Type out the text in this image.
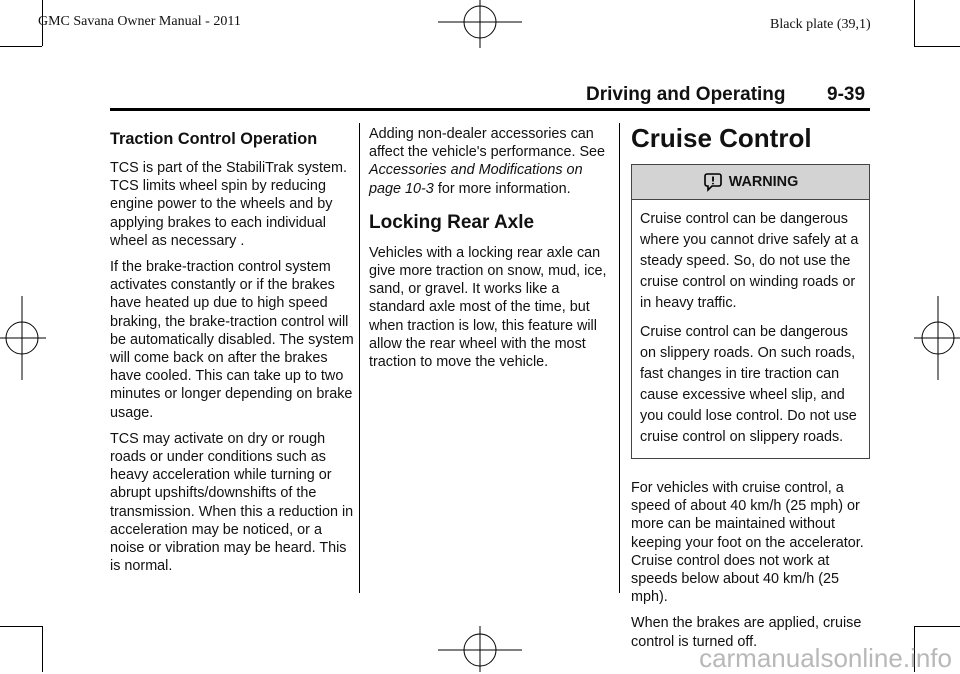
GMC Savana Owner Manual - 2011	Black plate (39,1)
Driving and Operating 9-39
Traction Control Operation

TCS is part of the StabiliTrak system. TCS limits wheel spin by reducing engine power to the wheels and by applying brakes to each individual wheel as necessary .

If the brake-traction control system activates constantly or if the brakes have heated up due to high speed braking, the brake-traction control will be automatically disabled. The system will come back on after the brakes have cooled. This can take up to two minutes or longer depending on brake usage.

TCS may activate on dry or rough roads or under conditions such as heavy acceleration while turning or abrupt upshifts/downshifts of the transmission. When this a reduction in acceleration may be noticed, or a noise or vibration may be heard. This is normal.

Adding non-dealer accessories can affect the vehicle's performance. See Accessories and Modifications on page 10-3 for more information.

Locking Rear Axle

Vehicles with a locking rear axle can give more traction on snow, mud, ice, sand, or gravel. It works like a standard axle most of the time, but when traction is low, this feature will allow the rear wheel with the most traction to move the vehicle.

Cruise Control
WARNING

Cruise control can be dangerous where you cannot drive safely at a steady speed. So, do not use the cruise control on winding roads or in heavy traffic.

Cruise control can be dangerous on slippery roads. On such roads, fast changes in tire traction can cause excessive wheel slip, and you could lose control. Do not use cruise control on slippery roads.

For vehicles with cruise control, a speed of about 40 km/h (25 mph) or more can be maintained without keeping your foot on the accelerator. Cruise control does not work at speeds below about 40 km/h (25 mph).

When the brakes are applied, cruise control is turned off.

carmanualsonline.info
